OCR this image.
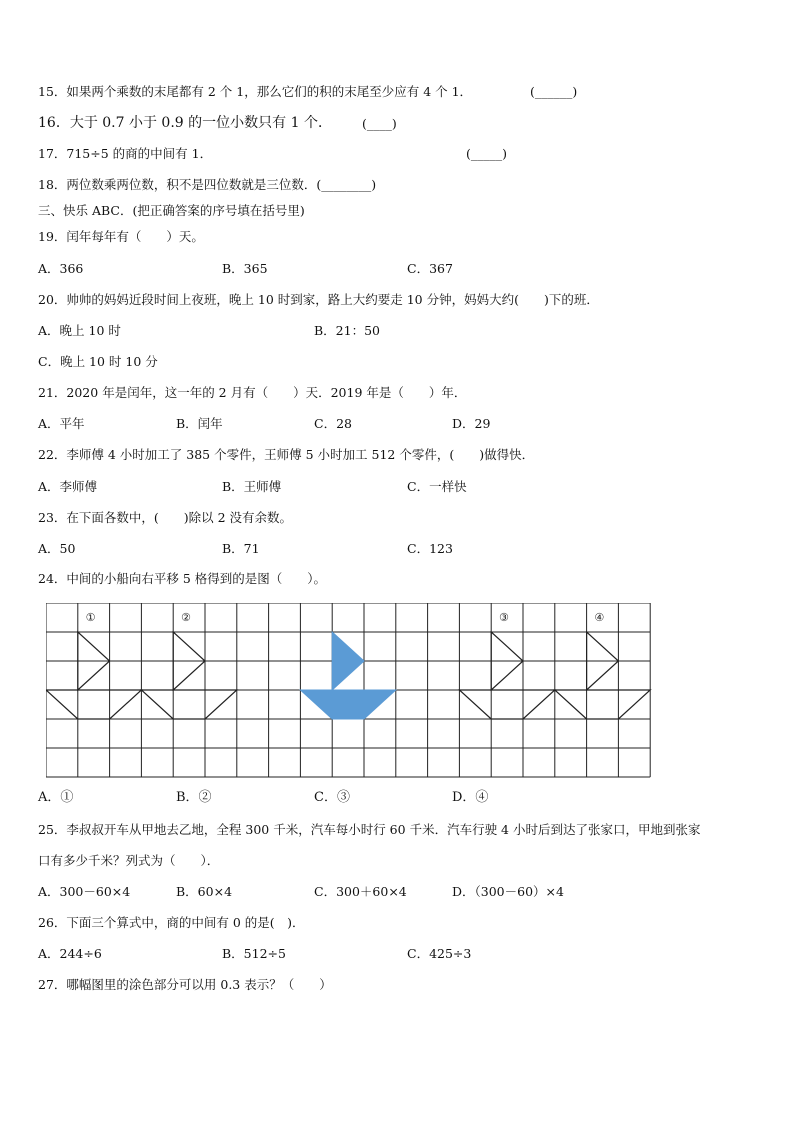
15．如果两个乘数的末尾都有 2 个 1，那么它们的积的末尾至少应有 4 个 1．	(______)
16．大于 0.7 小于 0.9 的一位小数只有 1 个． (____)
17．715÷5 的商的中间有 1．	(_____)
18．两位数乘两位数，积不是四位数就是三位数．(________)
三、快乐 ABC．(把正确答案的序号填在括号里)
19．闰年每年有（　　）天。
A．366	B．365	C．367
20．帅帅的妈妈近段时间上夜班，晚上 10 时到家，路上大约要走 10 分钟，妈妈大约(　　)下的班．
A．晚上 10 时	B．21：50
C．晚上 10 时 10 分
21．2020 年是闰年，这一年的 2 月有（　　）天．2019 年是（　　）年．
A．平年	B．闰年	C．28	D．29
22．李师傅 4 小时加工了 385 个零件，王师傅 5 小时加工 512 个零件，(　　)做得快．
A．李师傅	B．王师傅	C．一样快
23．在下面各数中，(　　)除以 2 没有余数。
A．50	B．71	C．123
24．中间的小船向右平移 5 格得到的是图（　　）。
①	②	③	④
A．①	B．②	C．③	D．④
25．李叔叔开车从甲地去乙地，全程 300 千米，汽车每小时行 60 千米．汽车行驶 4 小时后到达了张家口，甲地到张家
口有多少千米？列式为（　　）．
A．300－60×4	B．60×4	C．300＋60×4	D．（300－60）×4
26．下面三个算式中，商的中间有 0 的是(　)．
A．244÷6	B．512÷5	C．425÷3
27．哪幅图里的涂色部分可以用 0.3 表示？（　　）
